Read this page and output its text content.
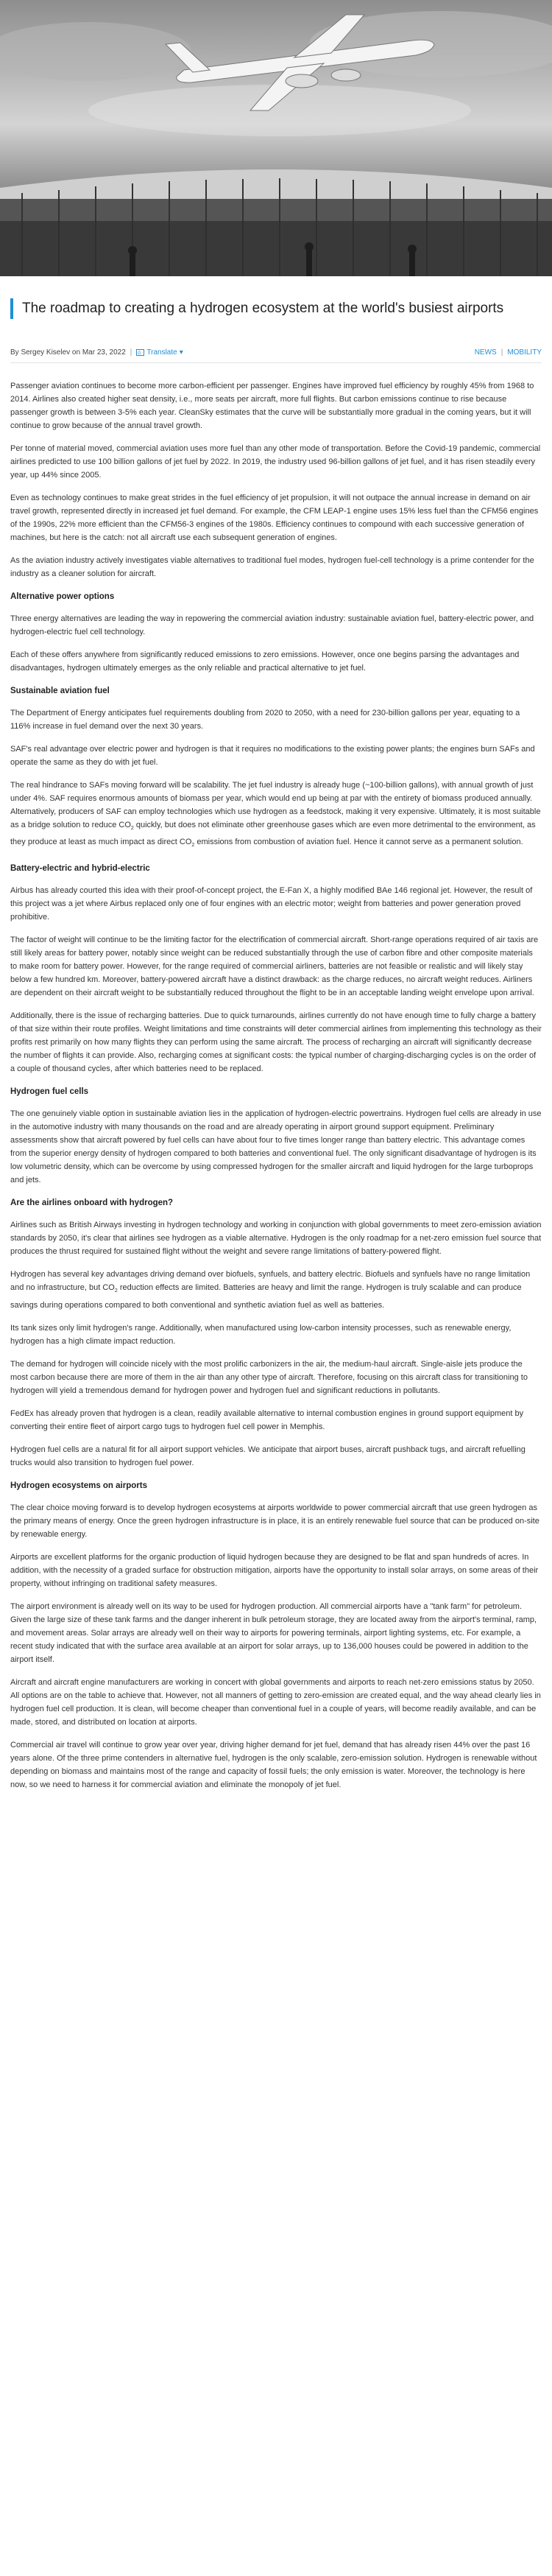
The roadmap to creating a hydrogen ecosystem at the world's busiest airports
By Sergey Kiselev on Mar 23, 2022 | G Translate ▾	NEWS | MOBILITY

Passenger aviation continues to become more carbon-efficient per passenger. Engines have improved fuel efficiency by roughly 45% from 1968 to 2014. Airlines also created higher seat density, i.e., more seats per aircraft, more full flights. But carbon emissions continue to rise because passenger growth is between 3-5% each year. CleanSky estimates that the curve will be substantially more gradual in the coming years, but it will continue to grow because of the annual travel growth.

Per tonne of material moved, commercial aviation uses more fuel than any other mode of transportation. Before the Covid-19 pandemic, commercial airlines predicted to use 100 billion gallons of jet fuel by 2022. In 2019, the industry used 96-billion gallons of jet fuel, and it has risen steadily every year, up 44% since 2005.

Even as technology continues to make great strides in the fuel efficiency of jet propulsion, it will not outpace the annual increase in demand on air travel growth, represented directly in increased jet fuel demand. For example, the CFM LEAP-1 engine uses 15% less fuel than the CFM56 engines of the 1990s, 22% more efficient than the CFM56-3 engines of the 1980s. Efficiency continues to compound with each successive generation of machines, but here is the catch: not all aircraft use each subsequent generation of engines.

As the aviation industry actively investigates viable alternatives to traditional fuel modes, hydrogen fuel-cell technology is a prime contender for the industry as a cleaner solution for aircraft.

Alternative power options

Three energy alternatives are leading the way in repowering the commercial aviation industry: sustainable aviation fuel, battery-electric power, and hydrogen-electric fuel cell technology.

Each of these offers anywhere from significantly reduced emissions to zero emissions. However, once one begins parsing the advantages and disadvantages, hydrogen ultimately emerges as the only reliable and practical alternative to jet fuel.

Sustainable aviation fuel

The Department of Energy anticipates fuel requirements doubling from 2020 to 2050, with a need for 230-billion gallons per year, equating to a 116% increase in fuel demand over the next 30 years.

SAF's real advantage over electric power and hydrogen is that it requires no modifications to the existing power plants; the engines burn SAFs and operate the same as they do with jet fuel.

The real hindrance to SAFs moving forward will be scalability. The jet fuel industry is already huge (~100-billion gallons), with annual growth of just under 4%. SAF requires enormous amounts of biomass per year, which would end up being at par with the entirety of biomass produced annually. Alternatively, producers of SAF can employ technologies which use hydrogen as a feedstock, making it very expensive. Ultimately, it is most suitable as a bridge solution to reduce $CO_2$ quickly, but does not eliminate other greenhouse gases which are even more detrimental to the environment, as they produce at least as much impact as direct $CO_2$ emissions from combustion of aviation fuel. Hence it cannot serve as a permanent solution.

Battery-electric and hybrid-electric

Airbus has already courted this idea with their proof-of-concept project, the E-Fan X, a highly modified BAe 146 regional jet. However, the result of this project was a jet where Airbus replaced only one of four engines with an electric motor; weight from batteries and power generation proved prohibitive.

The factor of weight will continue to be the limiting factor for the electrification of commercial aircraft. Short-range operations required of air taxis are still likely areas for battery power, notably since weight can be reduced substantially through the use of carbon fibre and other composite materials to make room for battery power. However, for the range required of commercial airliners, batteries are not feasible or realistic and will likely stay below a few hundred km. Moreover, battery-powered aircraft have a distinct drawback: as the charge reduces, no aircraft weight reduces. Airliners are dependent on their aircraft weight to be substantially reduced throughout the flight to be in an acceptable landing weight envelope upon arrival.

Additionally, there is the issue of recharging batteries. Due to quick turnarounds, airlines currently do not have enough time to fully charge a battery of that size within their route profiles. Weight limitations and time constraints will deter commercial airlines from implementing this technology as their profits rest primarily on how many flights they can perform using the same aircraft. The process of recharging an aircraft will significantly decrease the number of flights it can provide. Also, recharging comes at significant costs: the typical number of charging-discharging cycles is on the order of a couple of thousand cycles, after which batteries need to be replaced.

Hydrogen fuel cells

The one genuinely viable option in sustainable aviation lies in the application of hydrogen-electric powertrains. Hydrogen fuel cells are already in use in the automotive industry with many thousands on the road and are already operating in airport ground support equipment. Preliminary assessments show that aircraft powered by fuel cells can have about four to five times longer range than battery electric. This advantage comes from the superior energy density of hydrogen compared to both batteries and conventional fuel. The only significant disadvantage of hydrogen is its low volumetric density, which can be overcome by using compressed hydrogen for the smaller aircraft and liquid hydrogen for the large turboprops and jets.

Are the airlines onboard with hydrogen?

Airlines such as British Airways investing in hydrogen technology and working in conjunction with global governments to meet zero-emission aviation standards by 2050, it's clear that airlines see hydrogen as a viable alternative. Hydrogen is the only roadmap for a net-zero emission fuel source that produces the thrust required for sustained flight without the weight and severe range limitations of battery-powered flight.

Hydrogen has several key advantages driving demand over biofuels, synfuels, and battery electric. Biofuels and synfuels have no range limitation and no infrastructure, but $CO_2$ reduction effects are limited. Batteries are heavy and limit the range. Hydrogen is truly scalable and can produce savings during operations compared to both conventional and synthetic aviation fuel as well as batteries.

Its tank sizes only limit hydrogen's range. Additionally, when manufactured using low-carbon intensity processes, such as renewable energy, hydrogen has a high climate impact reduction.

The demand for hydrogen will coincide nicely with the most prolific carbonizers in the air, the medium-haul aircraft. Single-aisle jets produce the most carbon because there are more of them in the air than any other type of aircraft. Therefore, focusing on this aircraft class for transitioning to hydrogen will yield a tremendous demand for hydrogen power and hydrogen fuel and significant reductions in pollutants.

FedEx has already proven that hydrogen is a clean, readily available alternative to internal combustion engines in ground support equipment by converting their entire fleet of airport cargo tugs to hydrogen fuel cell power in Memphis.

Hydrogen fuel cells are a natural fit for all airport support vehicles. We anticipate that airport buses, aircraft pushback tugs, and aircraft refuelling trucks would also transition to hydrogen fuel power.

Hydrogen ecosystems on airports

The clear choice moving forward is to develop hydrogen ecosystems at airports worldwide to power commercial aircraft that use green hydrogen as the primary means of energy. Once the green hydrogen infrastructure is in place, it is an entirely renewable fuel source that can be produced on-site by renewable energy.

Airports are excellent platforms for the organic production of liquid hydrogen because they are designed to be flat and span hundreds of acres. In addition, with the necessity of a graded surface for obstruction mitigation, airports have the opportunity to install solar arrays, on some areas of their property, without infringing on traditional safety measures.

The airport environment is already well on its way to be used for hydrogen production. All commercial airports have a "tank farm" for petroleum. Given the large size of these tank farms and the danger inherent in bulk petroleum storage, they are located away from the airport's terminal, ramp, and movement areas. Solar arrays are already well on their way to airports for powering terminals, airport lighting systems, etc. For example, a recent study indicated that with the surface area available at an airport for solar arrays, up to 136,000 houses could be powered in addition to the airport itself.

Aircraft and aircraft engine manufacturers are working in concert with global governments and airports to reach net-zero emissions status by 2050. All options are on the table to achieve that. However, not all manners of getting to zero-emission are created equal, and the way ahead clearly lies in hydrogen fuel cell production. It is clean, will become cheaper than conventional fuel in a couple of years, will become readily available, and can be made, stored, and distributed on location at airports.

Commercial air travel will continue to grow year over year, driving higher demand for jet fuel, demand that has already risen 44% over the past 16 years alone. Of the three prime contenders in alternative fuel, hydrogen is the only scalable, zero-emission solution. Hydrogen is renewable without depending on biomass and maintains most of the range and capacity of fossil fuels; the only emission is water. Moreover, the technology is here now, so we need to harness it for commercial aviation and eliminate the monopoly of jet fuel.
